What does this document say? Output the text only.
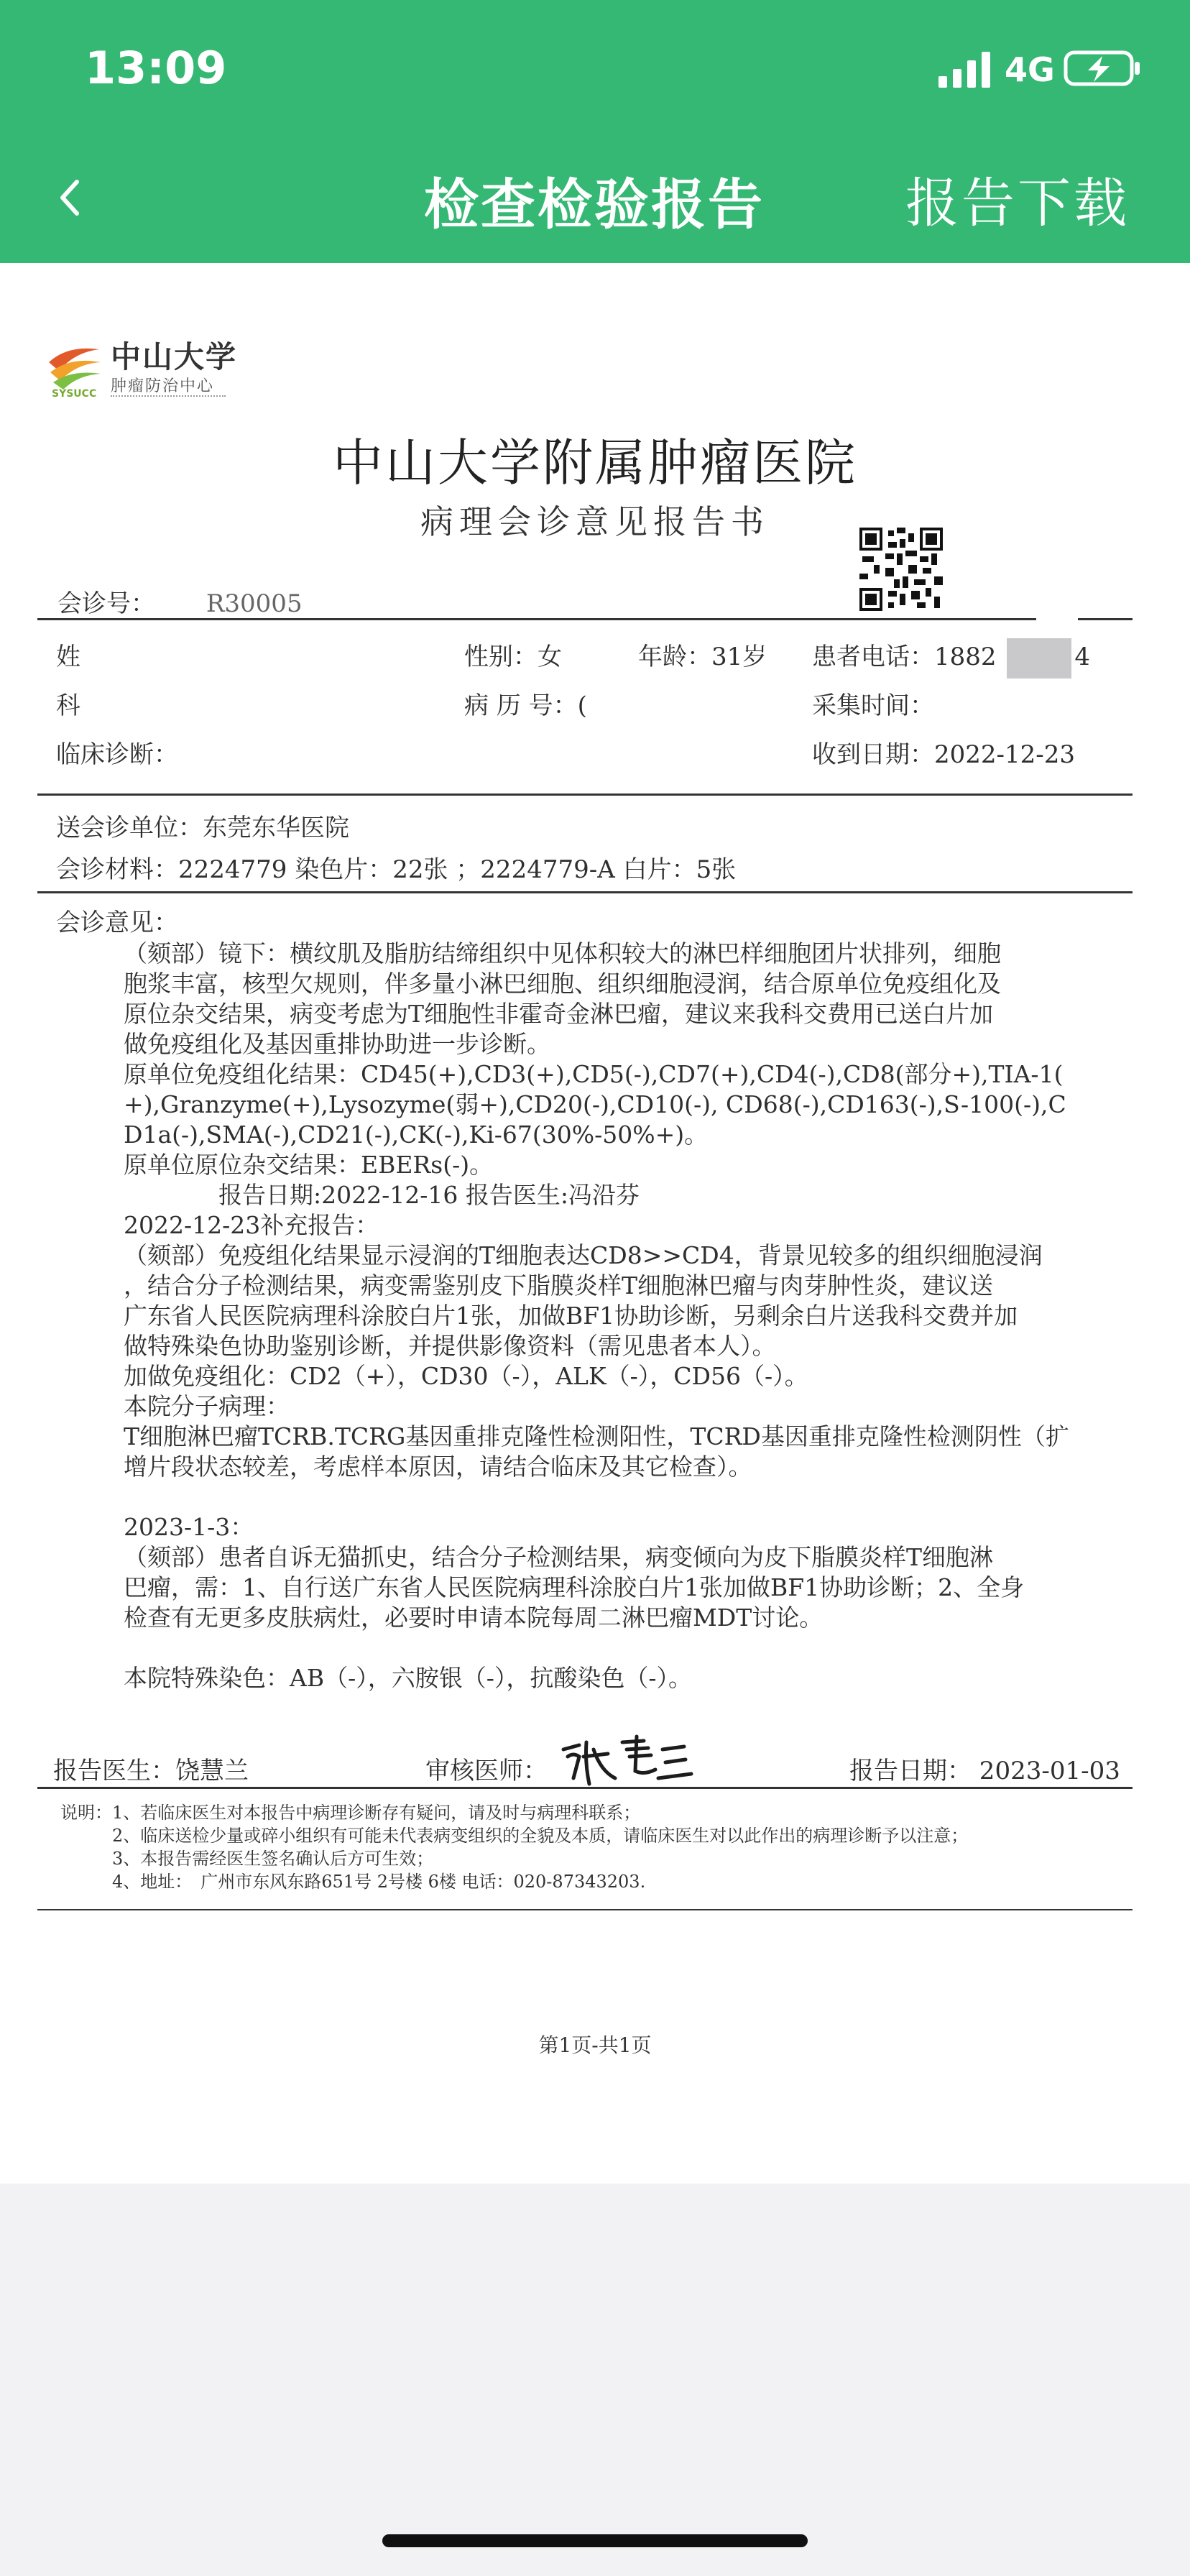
13:09	4G
检查检验报告	报告下载
SYSUCC
中山大学
肿瘤防治中心
中山大学附属肿瘤医院
病理会诊意见报告书
会诊号： R30005
姓	性别：女	年龄：31岁 患者电话：1882	4
科	病 历 号：(	采集时间：
临床诊断：	收到日期：2022-12-23
送会诊单位：东莞东华医院
会诊材料：2224779 染色片：22张 ；2224779-A 白片：5张
会诊意见：
（颏部）镜下：横纹肌及脂肪结缔组织中见体积较大的淋巴样细胞团片状排列，细胞
胞浆丰富，核型欠规则，伴多量小淋巴细胞、组织细胞浸润，结合原单位免疫组化及
原位杂交结果，病变考虑为T细胞性非霍奇金淋巴瘤，建议来我科交费用已送白片加
做免疫组化及基因重排协助进一步诊断。
原单位免疫组化结果：CD45(+),CD3(+),CD5(-),CD7(+),CD4(-),CD8(部分+),TIA-1(
+),Granzyme(+),Lysozyme(弱+),CD20(-),CD10(-), CD68(-),CD163(-),S-100(-),C
D1a(-),SMA(-),CD21(-),CK(-),Ki-67(30%-50%+)。
原单位原位杂交结果：EBERs(-)。
　　　　报告日期:2022-12-16 报告医生:冯沿芬
2022-12-23补充报告：
（颏部）免疫组化结果显示浸润的T细胞表达CD8>>CD4，背景见较多的组织细胞浸润
，结合分子检测结果，病变需鉴别皮下脂膜炎样T细胞淋巴瘤与肉芽肿性炎，建议送
广东省人民医院病理科涂胶白片1张，加做BF1协助诊断，另剩余白片送我科交费并加
做特殊染色协助鉴别诊断，并提供影像资料（需见患者本人）。
加做免疫组化：CD2（+），CD30（-），ALK（-），CD56（-）。
本院分子病理：
T细胞淋巴瘤TCRB.TCRG基因重排克隆性检测阳性，TCRD基因重排克隆性检测阴性（扩
增片段状态较差，考虑样本原因，请结合临床及其它检查）。
2023-1-3：
（颏部）患者自诉无猫抓史，结合分子检测结果，病变倾向为皮下脂膜炎样T细胞淋
巴瘤，需：1、自行送广东省人民医院病理科涂胶白片1张加做BF1协助诊断；2、全身
检查有无更多皮肤病灶，必要时申请本院每周二淋巴瘤MDT讨论。
本院特殊染色：AB（-），六胺银（-），抗酸染色（-）。
报告医生：饶慧兰	审核医师：	报告日期： 2023-01-03
说明：1、若临床医生对本报告中病理诊断存有疑问，请及时与病理科联系；
　　　2、临床送检少量或碎小组织有可能未代表病变组织的全貌及本质，请临床医生对以此作出的病理诊断予以注意；
　　　3、本报告需经医生签名确认后方可生效；
　　　4、地址：　广州市东风东路651号 2号楼 6楼 电话：020-87343203.
第1页-共1页
